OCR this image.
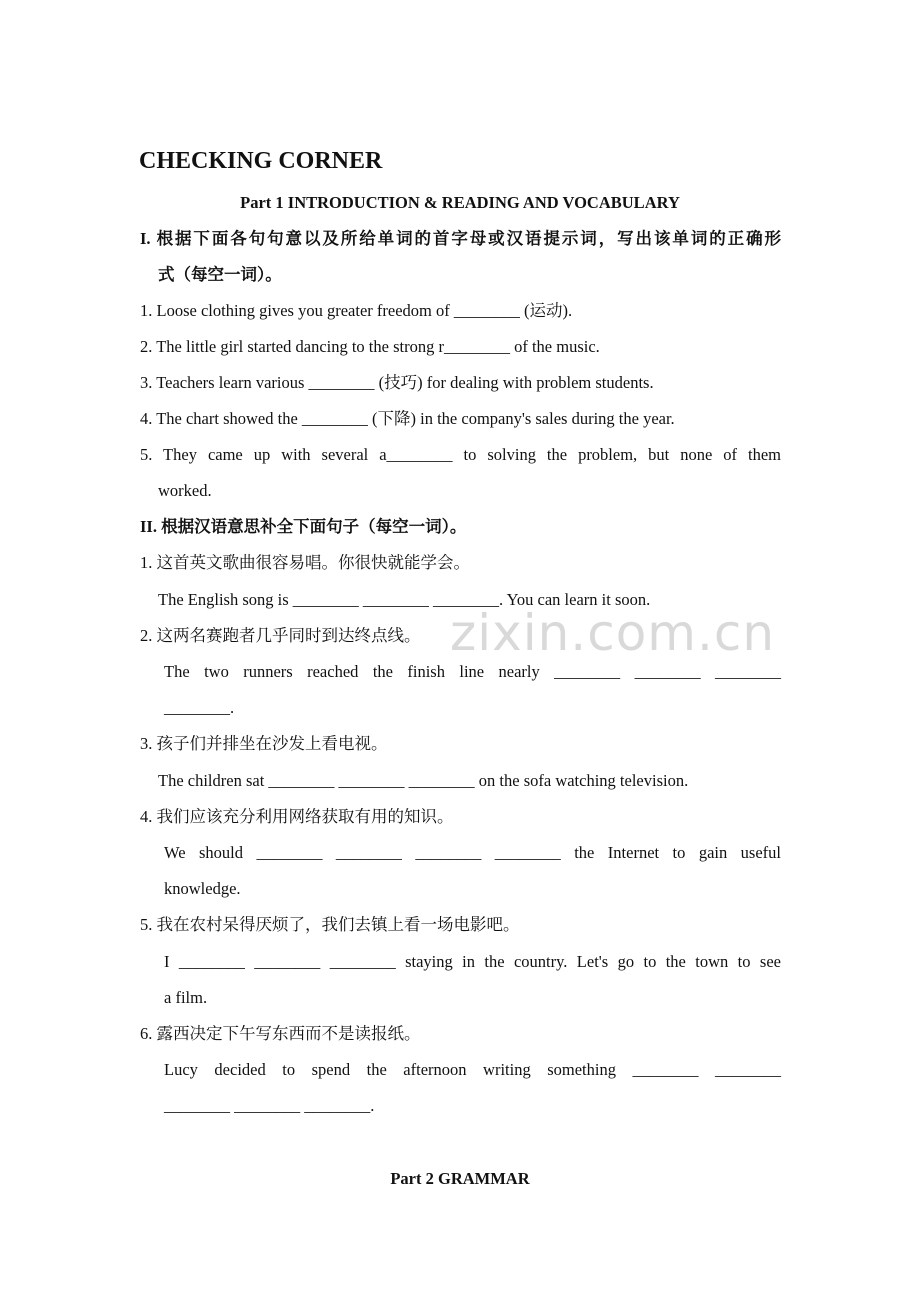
CHECKING CORNER
Part 1 INTRODUCTION & READING AND VOCABULARY
I. 根据下面各句句意以及所给单词的首字母或汉语提示词，写出该单词的正确形
式（每空一词）。
1. Loose clothing gives you greater freedom of ________ (运动).
2. The little girl started dancing to the strong r________ of the music.
3. Teachers learn various ________ (技巧) for dealing with problem students.
4. The chart showed the ________ (下降) in the company's sales during the year.
5. They came up with several a________ to solving the problem, but none of them
worked.
II. 根据汉语意思补全下面句子（每空一词）。
1. 这首英文歌曲很容易唱。你很快就能学会。
The English song is ________ ________ ________. You can learn it soon.
2. 这两名赛跑者几乎同时到达终点线。
The two runners reached the finish line nearly ________ ________ ________
________.
3. 孩子们并排坐在沙发上看电视。
The children sat ________ ________ ________ on the sofa watching television.
4. 我们应该充分利用网络获取有用的知识。
We should ________ ________ ________ ________ the Internet to gain useful
knowledge.
5. 我在农村呆得厌烦了，我们去镇上看一场电影吧。
I ________ ________ ________ staying in the country. Let's go to the town to see
a film.
6. 露西决定下午写东西而不是读报纸。
Lucy decided to spend the afternoon writing something ________ ________
________ ________ ________.
Part 2 GRAMMAR
zixin.com.cn
